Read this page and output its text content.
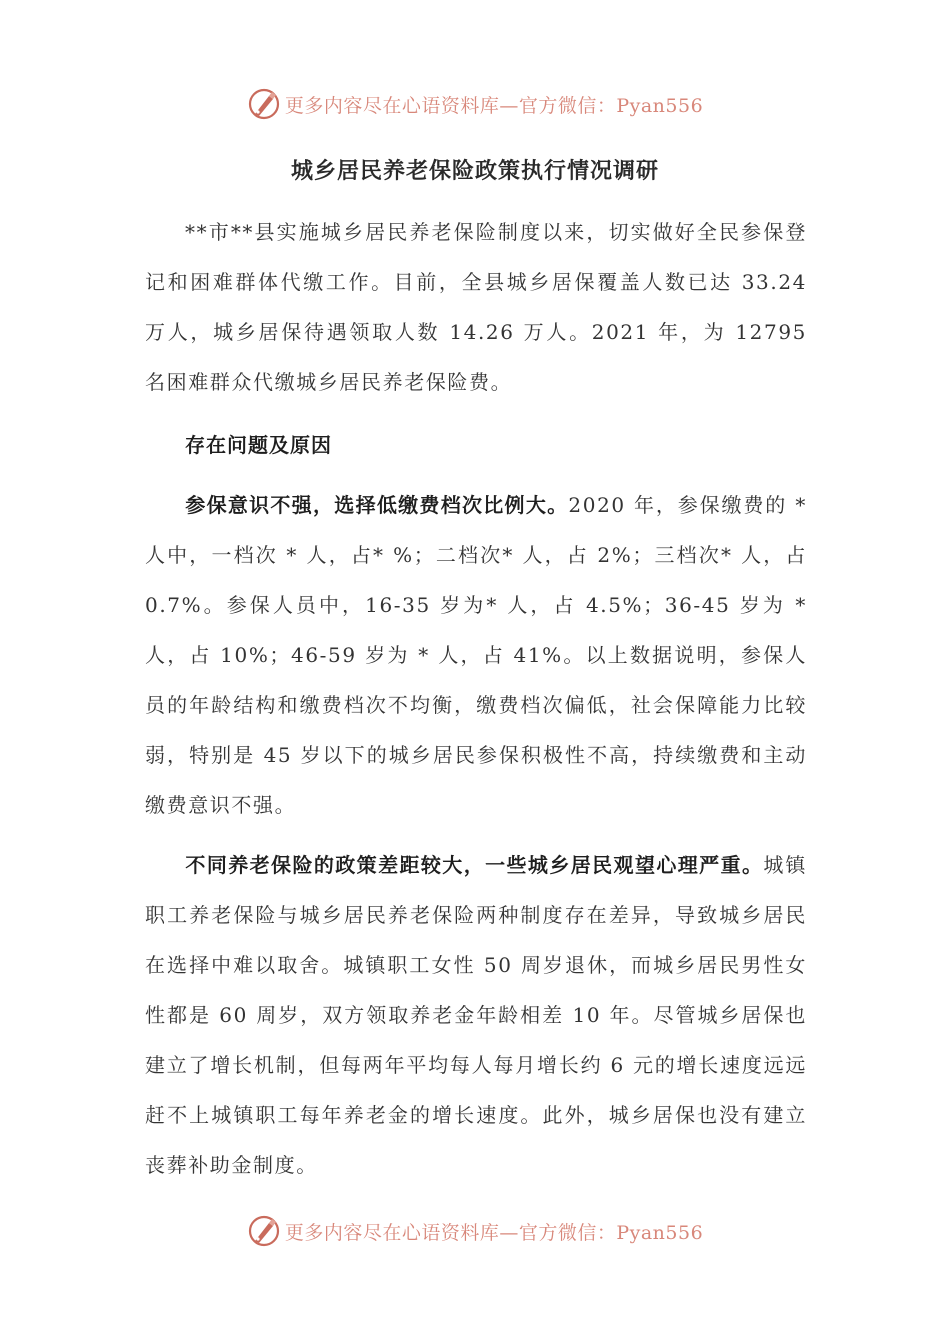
更多内容尽在心语资料库—官方微信：Pyan556
城乡居民养老保险政策执行情况调研

**市**县实施城乡居民养老保险制度以来，切实做好全民参保登记和困难群体代缴工作。目前，全县城乡居保覆盖人数已达 33.24 万人，城乡居保待遇领取人数 14.26 万人。2021 年，为 12795 名困难群众代缴城乡居民养老保险费。

存在问题及原因

参保意识不强，选择低缴费档次比例大。2020 年，参保缴费的 * 人中，一档次 * 人，占* %；二档次* 人，占 2%；三档次* 人，占 0.7%。参保人员中，16-35 岁为* 人，占 4.5%；36-45 岁为 * 人，占 10%；46-59 岁为 * 人，占 41%。以上数据说明，参保人员的年龄结构和缴费档次不均衡，缴费档次偏低，社会保障能力比较弱，特别是 45 岁以下的城乡居民参保积极性不高，持续缴费和主动缴费意识不强。

不同养老保险的政策差距较大，一些城乡居民观望心理严重。城镇职工养老保险与城乡居民养老保险两种制度存在差异，导致城乡居民在选择中难以取舍。城镇职工女性 50 周岁退休，而城乡居民男性女性都是 60 周岁，双方领取养老金年龄相差 10 年。尽管城乡居保也建立了增长机制，但每两年平均每人每月增长约 6 元的增长速度远远赶不上城镇职工每年养老金的增长速度。此外，城乡居保也没有建立丧葬补助金制度。

更多内容尽在心语资料库—官方微信：Pyan556
